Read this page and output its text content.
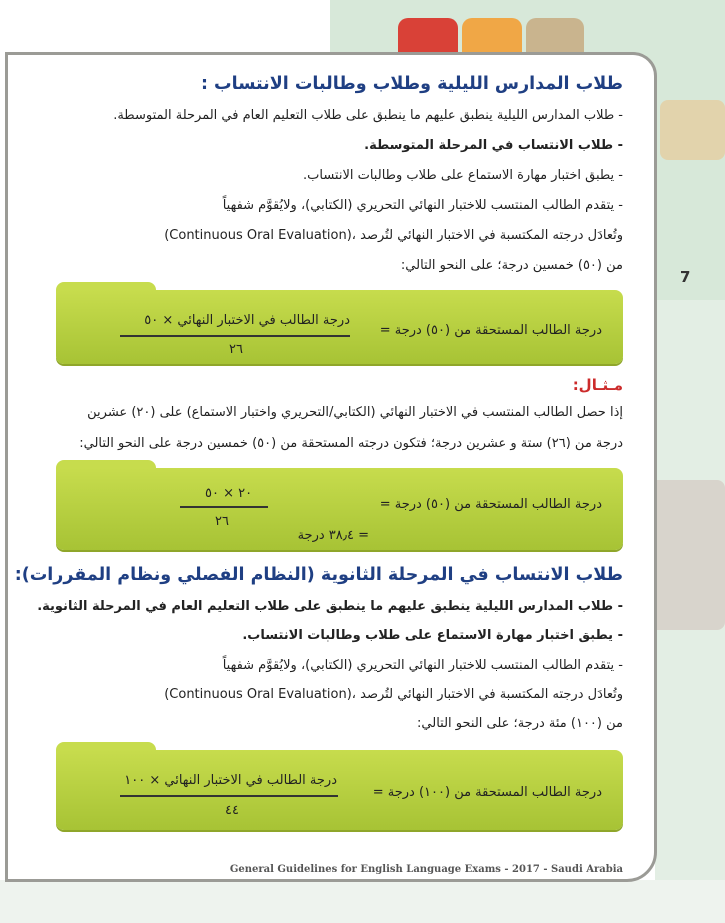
7
طلاب المدارس الليلية وطلاب وطالبات الانتساب :
- طلاب المدارس الليلية ينطبق عليهم ما ينطبق على طلاب التعليم العام في المرحلة المتوسطة.
- طلاب الانتساب في المرحلة المتوسطة.
- يطبق اختبار مهارة الاستماع على طلاب وطالبات الانتساب.
- يتقدم الطالب المنتسب للاختبار النهائي التحريري (الكتابي)، ولايُقوَّم شفهياً
(Continuous Oral Evaluation)، وتُعادَل درجته المكتسبة في الاختبار النهائي لتُرصد
من (٥٠) خمسين درجة؛ على النحو التالي:
درجة الطالب المستحقة من (٥٠) درجة =
درجة الطالب في الاختبار النهائي × ٥٠
٢٦
مـثـال:
إذا حصل الطالب المنتسب في الاختبار النهائي (الكتابي/التحريري واختبار الاستماع) على (٢٠) عشرين
درجة من (٢٦) ستة و عشرين درجة؛ فتكون درجته المستحقة من (٥٠) خمسين درجة على النحو التالي:
درجة الطالب المستحقة من (٥٠) درجة =
٢٠ × ٥٠
٢٦
= ٣٨٫٤ درجة
طلاب الانتساب في المرحلة الثانوية (النظام الفصلي ونظام المقررات):
- طلاب المدارس الليلية ينطبق عليهم ما ينطبق على طلاب التعليم العام في المرحلة الثانوية.
- يطبق اختبار مهارة الاستماع على طلاب وطالبات الانتساب.
- يتقدم الطالب المنتسب للاختبار النهائي التحريري (الكتابي)، ولايُقوَّم شفهياً
(Continuous Oral Evaluation)، وتُعادَل درجته المكتسبة في الاختبار النهائي لتُرصد
من (١٠٠) مئة درجة؛ على النحو التالي:
درجة الطالب المستحقة من (١٠٠) درجة =
درجة الطالب في الاختبار النهائي × ١٠٠
٤٤
General Guidelines for English Language Exams - 2017 - Saudi Arabia
